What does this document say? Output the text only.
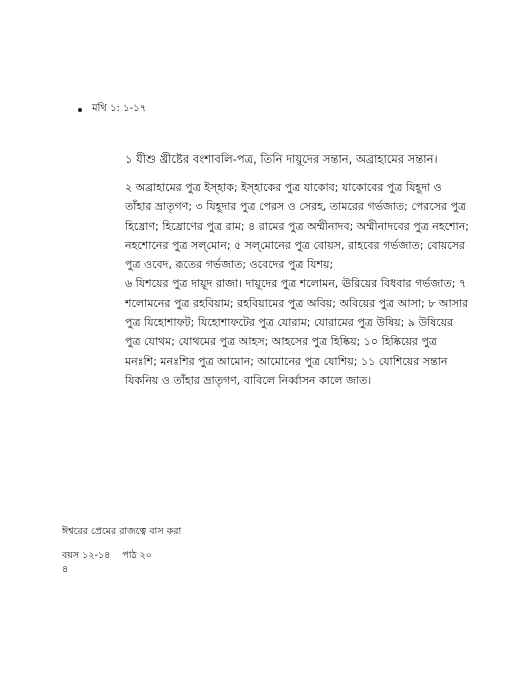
মথি ১: ১-১৭
১ যীশু খ্রীষ্টের বংশাবলি-পত্র, তিনি দায়ূদের সন্তান, অব্রাহামের সন্তান।

২ অব্রাহামের পুত্র ইস্‌হাক; ইস্‌হাকের পুত্র যাকোব; যাকোবের পুত্র যিহূদা ও তাঁহার ভ্রাতৃগণ; ৩ যিহূদার পুত্র পেরস ও সেরহ, তামরের গর্ভজাত; পেরসের পুত্র হিষ্রোণ; হিষ্রোণের পুত্র রাম; ৪ রামের পুত্র অম্মীনাদব; অম্মীনাদবের পুত্র নহশোন; নহশোনের পুত্র সল্‌মোন; ৫ সল্‌মোনের পুত্র বোয়স, রাহবের গর্ভজাত; বোয়সের পুত্র ওবেদ, রূতের গর্ভজাত; ওবেদের পুত্র যিশয়;

৬ যিশয়ের পুত্র দায়ূদ রাজা। দায়ূদের পুত্র শলোমন, ঊরিয়ের বিধবার গর্ভজাত; ৭ শলোমনের পুত্র রহবিয়াম; রহবিয়ামের পুত্র অবিয়; অবিয়ের পুত্র আসা; ৮ আসার পুত্র যিহোশাফট; যিহোশাফটের পুত্র যোরাম; যোরামের পুত্র উষিয়; ৯ উষিয়ের পুত্র যোথম; যোথমের পুত্র আহস; আহসের পুত্র হিষ্কিয়; ১০ হিষ্কিয়ের পুত্র মনঃশি; মনঃশির পুত্র আমোন; আমোনের পুত্র যোশিয়; ১১ যোশিয়ের সন্তান যিকনিয় ও তাঁহার ভ্রাতৃগণ, বাবিলে নির্ব্বাসন কালে জাত।

ঈশ্বরের প্রেমের রাজত্বে বাস করা
বয়স ১২-১৪ পাঠ ২০
৪
